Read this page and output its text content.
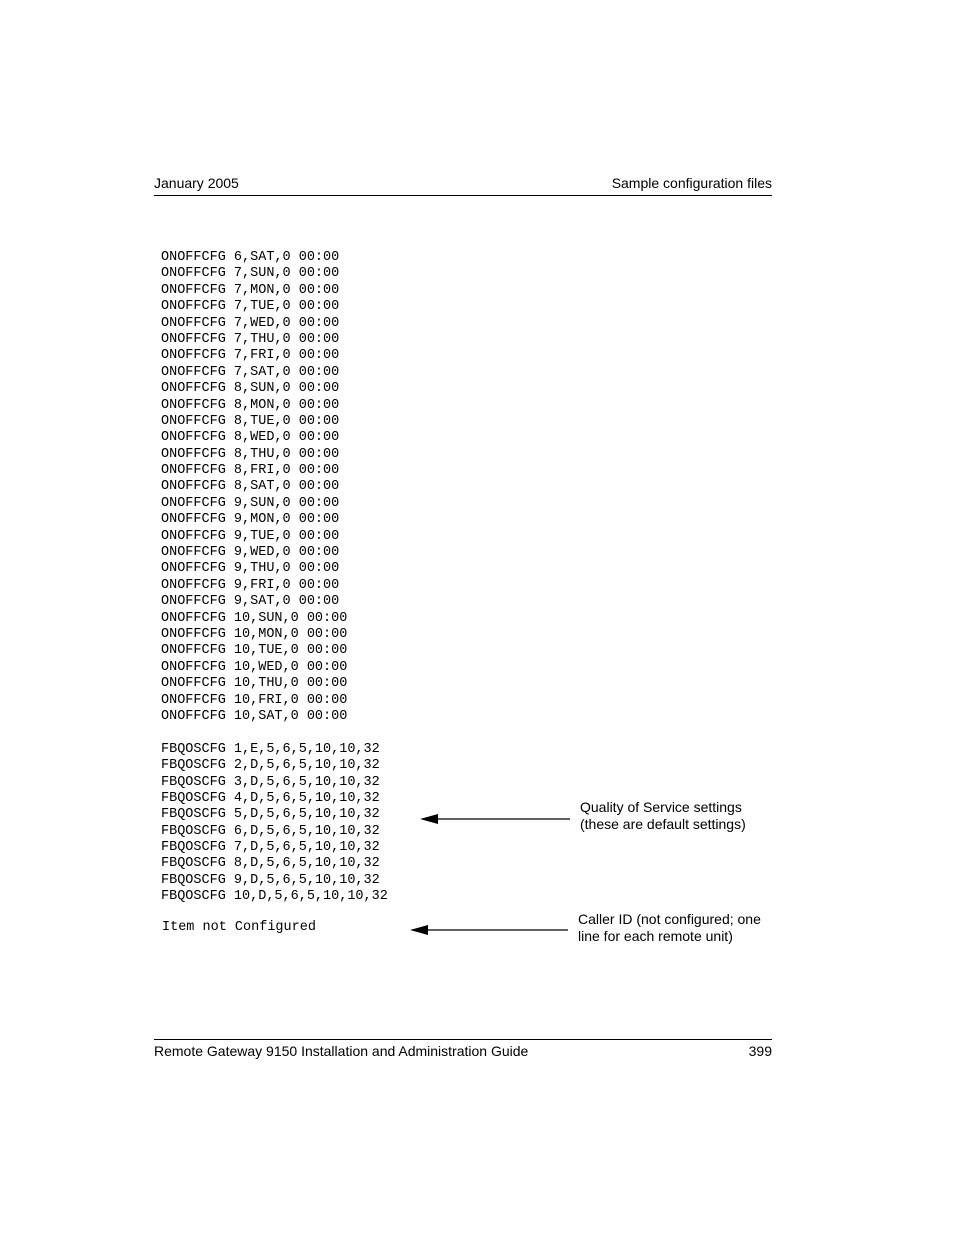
January 2005	Sample configuration files
ONOFFCFG 6,SAT,0 00:00
ONOFFCFG 7,SUN,0 00:00
ONOFFCFG 7,MON,0 00:00
ONOFFCFG 7,TUE,0 00:00
ONOFFCFG 7,WED,0 00:00
ONOFFCFG 7,THU,0 00:00
ONOFFCFG 7,FRI,0 00:00
ONOFFCFG 7,SAT,0 00:00
ONOFFCFG 8,SUN,0 00:00
ONOFFCFG 8,MON,0 00:00
ONOFFCFG 8,TUE,0 00:00
ONOFFCFG 8,WED,0 00:00
ONOFFCFG 8,THU,0 00:00
ONOFFCFG 8,FRI,0 00:00
ONOFFCFG 8,SAT,0 00:00
ONOFFCFG 9,SUN,0 00:00
ONOFFCFG 9,MON,0 00:00
ONOFFCFG 9,TUE,0 00:00
ONOFFCFG 9,WED,0 00:00
ONOFFCFG 9,THU,0 00:00
ONOFFCFG 9,FRI,0 00:00
ONOFFCFG 9,SAT,0 00:00
ONOFFCFG 10,SUN,0 00:00
ONOFFCFG 10,MON,0 00:00
ONOFFCFG 10,TUE,0 00:00
ONOFFCFG 10,WED,0 00:00
ONOFFCFG 10,THU,0 00:00
ONOFFCFG 10,FRI,0 00:00
ONOFFCFG 10,SAT,0 00:00
FBQOSCFG 1,E,5,6,5,10,10,32
FBQOSCFG 2,D,5,6,5,10,10,32
FBQOSCFG 3,D,5,6,5,10,10,32
FBQOSCFG 4,D,5,6,5,10,10,32
FBQOSCFG 5,D,5,6,5,10,10,32
FBQOSCFG 6,D,5,6,5,10,10,32
FBQOSCFG 7,D,5,6,5,10,10,32
FBQOSCFG 8,D,5,6,5,10,10,32
FBQOSCFG 9,D,5,6,5,10,10,32
FBQOSCFG 10,D,5,6,5,10,10,32
Item not Configured
Quality of Service settings
(these are default settings)
Caller ID (not configured; one
line for each remote unit)
Remote Gateway 9150 Installation and Administration Guide	399
